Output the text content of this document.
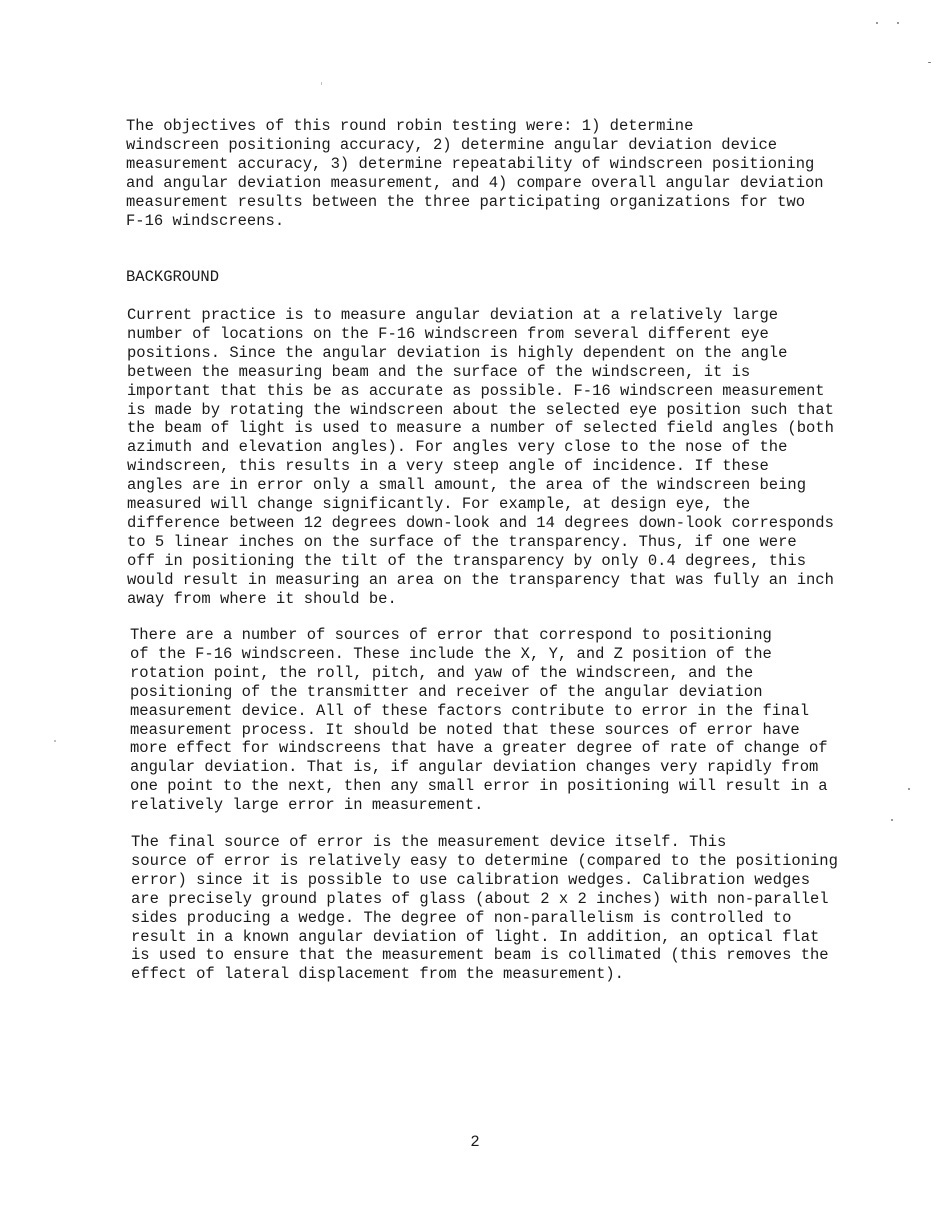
The objectives of this round robin testing were: 1) determine
windscreen positioning accuracy, 2) determine angular deviation device
measurement accuracy, 3) determine repeatability of windscreen positioning
and angular deviation measurement, and 4) compare overall angular deviation
measurement results between the three participating organizations for two
F-16 windscreens.

BACKGROUND

Current practice is to measure angular deviation at a relatively large
number of locations on the F-16 windscreen from several different eye
positions. Since the angular deviation is highly dependent on the angle
between the measuring beam and the surface of the windscreen, it is
important that this be as accurate as possible. F-16 windscreen measurement
is made by rotating the windscreen about the selected eye position such that
the beam of light is used to measure a number of selected field angles (both
azimuth and elevation angles). For angles very close to the nose of the
windscreen, this results in a very steep angle of incidence. If these
angles are in error only a small amount, the area of the windscreen being
measured will change significantly. For example, at design eye, the
difference between 12 degrees down-look and 14 degrees down-look corresponds
to 5 linear inches on the surface of the transparency. Thus, if one were
off in positioning the tilt of the transparency by only 0.4 degrees, this
would result in measuring an area on the transparency that was fully an inch
away from where it should be.

There are a number of sources of error that correspond to positioning
of the F-16 windscreen. These include the X, Y, and Z position of the
rotation point, the roll, pitch, and yaw of the windscreen, and the
positioning of the transmitter and receiver of the angular deviation
measurement device. All of these factors contribute to error in the final
measurement process. It should be noted that these sources of error have
more effect for windscreens that have a greater degree of rate of change of
angular deviation. That is, if angular deviation changes very rapidly from
one point to the next, then any small error in positioning will result in a
relatively large error in measurement.

The final source of error is the measurement device itself. This
source of error is relatively easy to determine (compared to the positioning
error) since it is possible to use calibration wedges. Calibration wedges
are precisely ground plates of glass (about 2 x 2 inches) with non-parallel
sides producing a wedge. The degree of non-parallelism is controlled to
result in a known angular deviation of light. In addition, an optical flat
is used to ensure that the measurement beam is collimated (this removes the
effect of lateral displacement from the measurement).

2
